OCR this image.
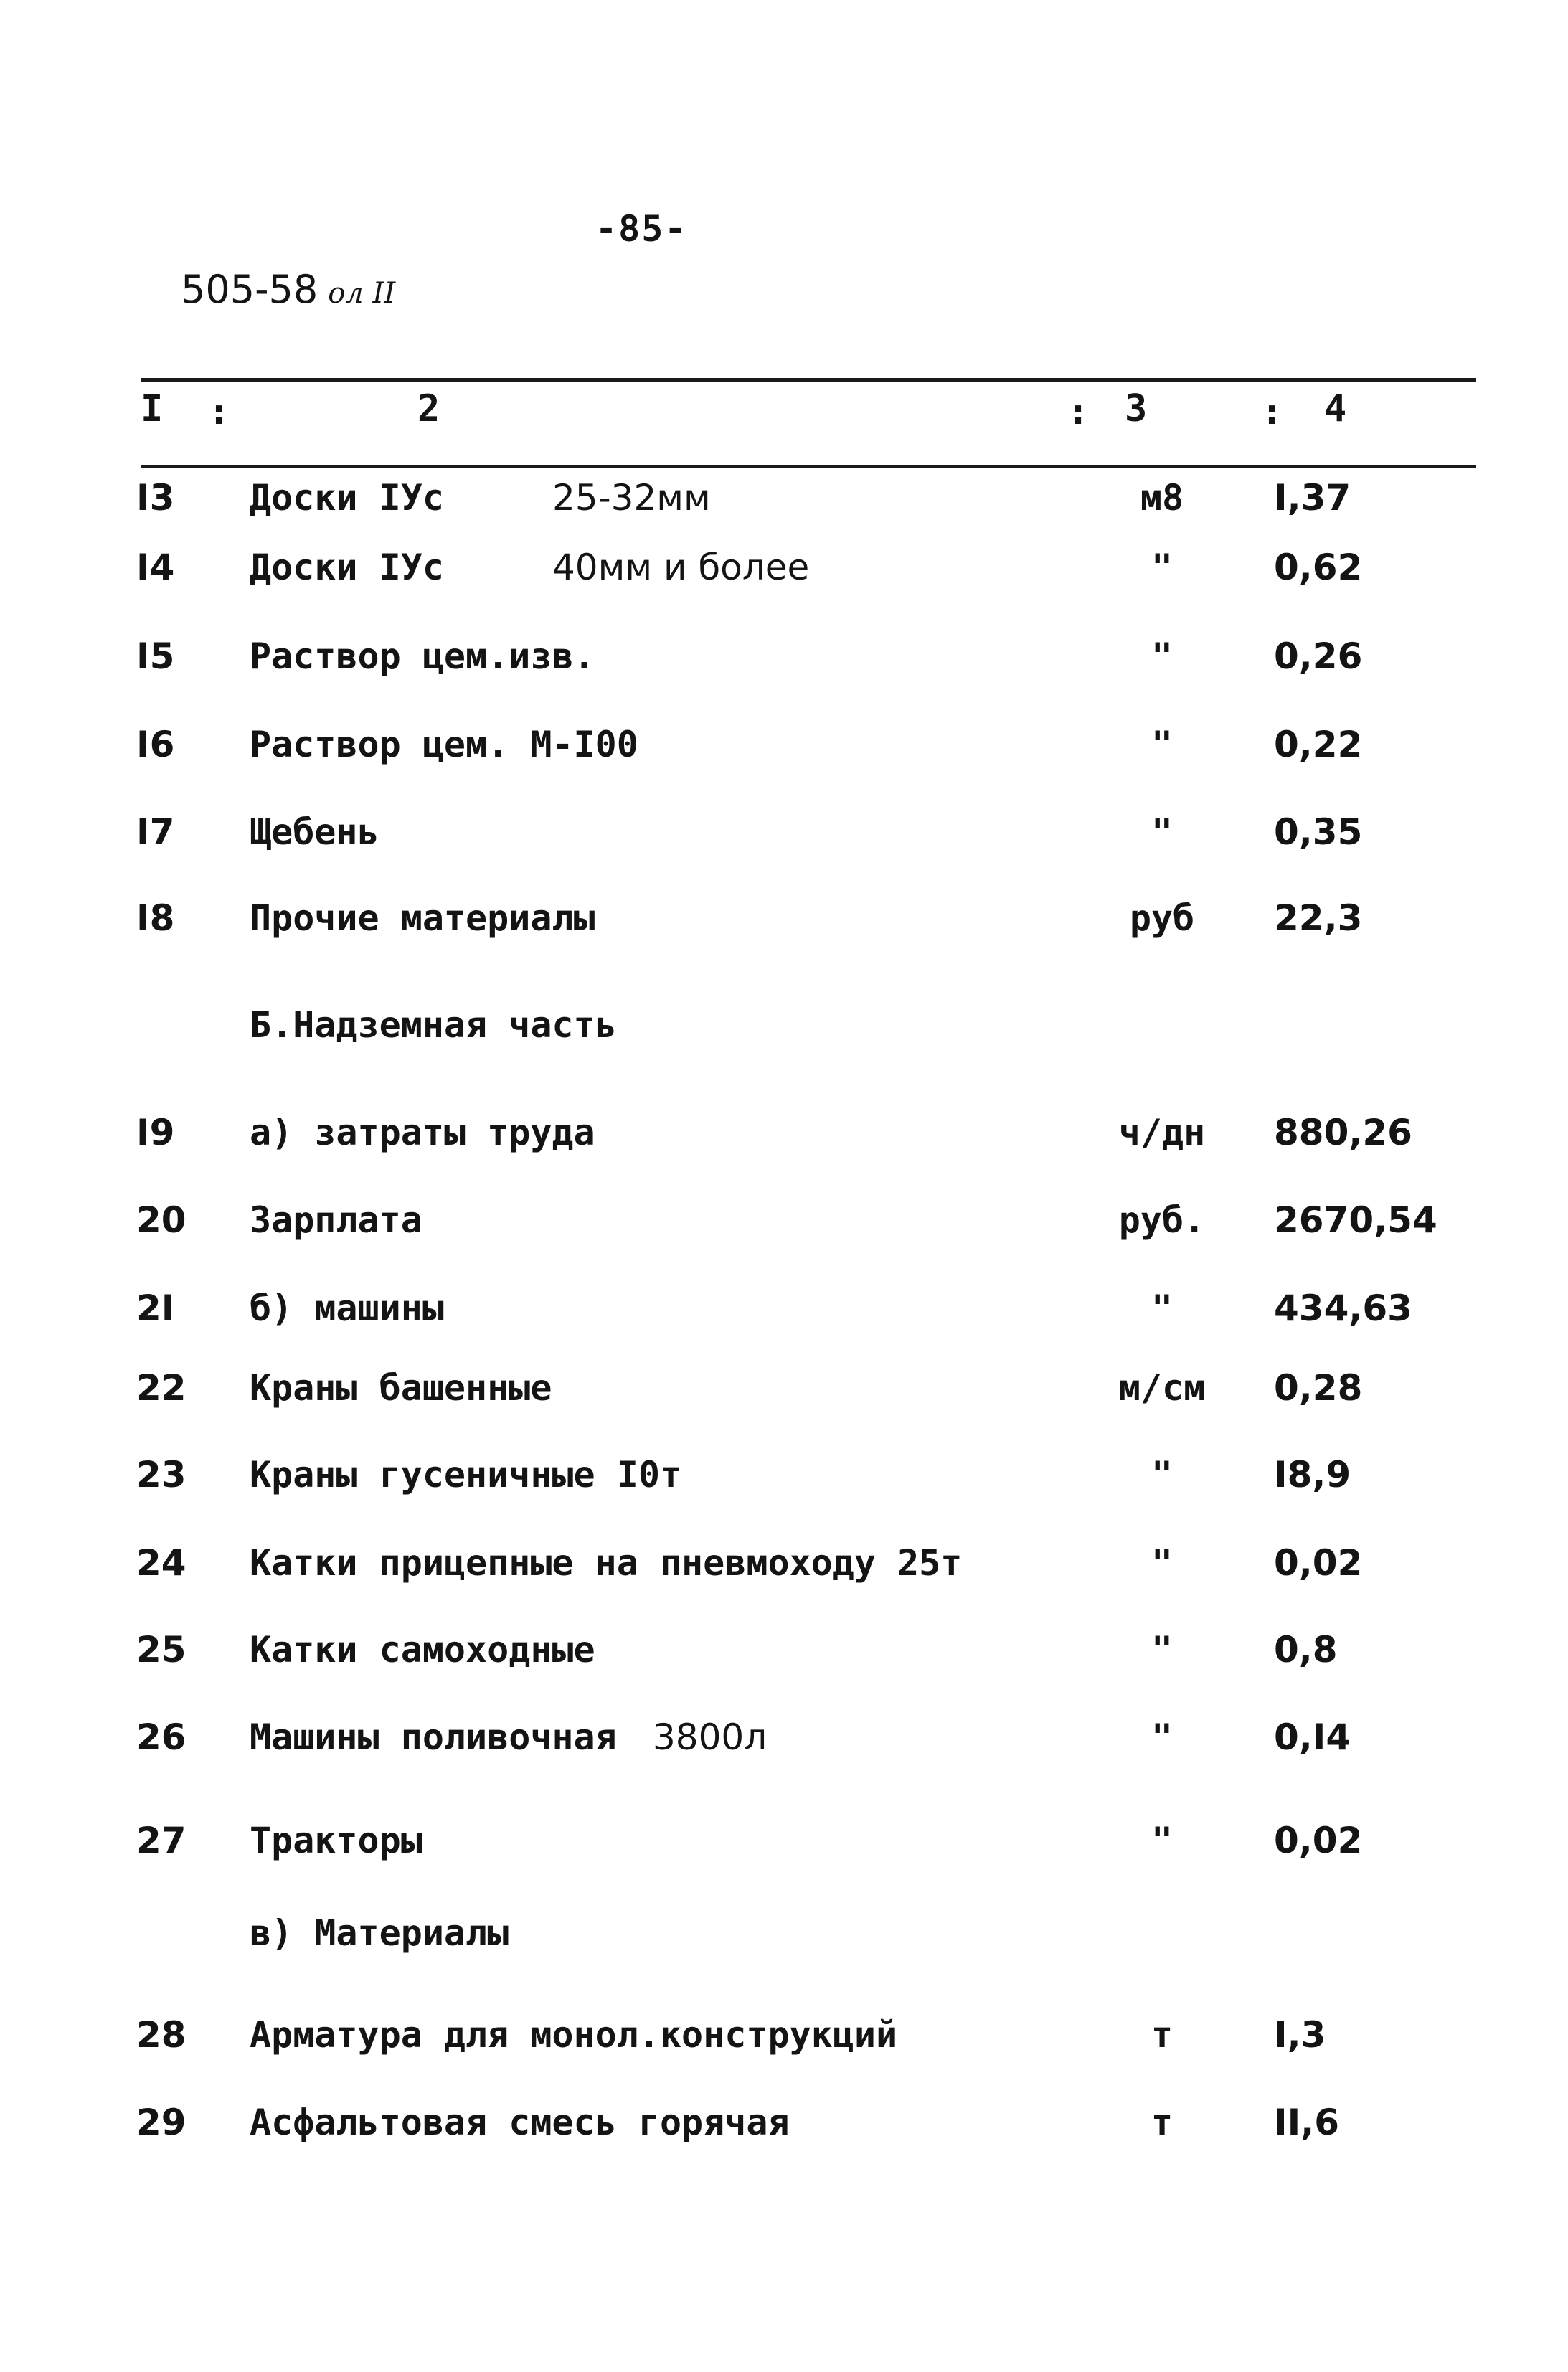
-85-
505-58 ол II
I :	2	: 3	: 4
I3 Доски IУс	25-32мм	м8	I,37
I4 Доски IУс	40мм и более	"	0,62
I5 Раствор цем.изв.	"	0,26
I6 Раствор цем. М-I00	"	0,22
I7 Щебень	"	0,35
I8 Прочие материалы	руб	22,3
Б.Надземная часть
I9 а) затраты труда	ч/дн	880,26
20 Зарплата	руб.	2670,54
2I б) машины	"	434,63
22 Краны башенные	м/см	0,28
23 Краны гусеничные I0т	"	I8,9
24 Катки прицепные на пневмоходу 25т	"	0,02
25 Катки самоходные	"	0,8
26 Машины поливочная 3800л	"	0,I4
27 Тракторы	"	0,02
в) Материалы
28 Арматура для монол.конструкций	т	I,3
29 Асфальтовая смесь горячая	т	II,6
